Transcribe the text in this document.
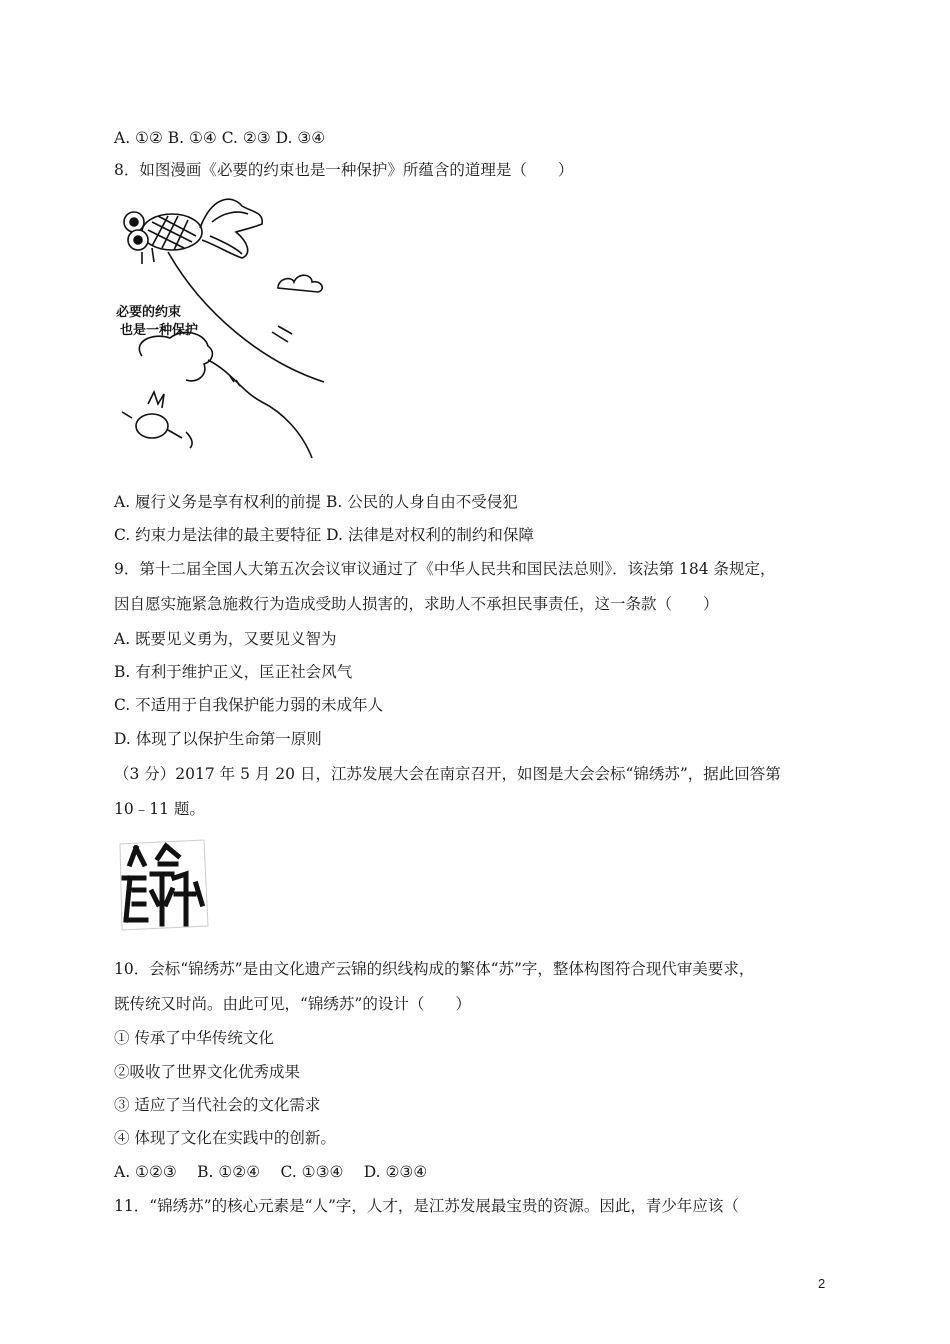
A. ①② B. ①④ C. ②③ D. ③④
8．如图漫画《必要的约束也是一种保护》所蕴含的道理是（　　）
必要的约束
也是一种保护
A. 履行义务是享有权利的前提 B. 公民的人身自由不受侵犯
C. 约束力是法律的最主要特征 D. 法律是对权利的制约和保障
9．第十二届全国人大第五次会议审议通过了《中华人民共和国民法总则》．该法第 184 条规定，
因自愿实施紧急施救行为造成受助人损害的，求助人不承担民事责任，这一条款（　　）
A. 既要见义勇为，又要见义智为
B. 有利于维护正义，匡正社会风气
C. 不适用于自我保护能力弱的未成年人
D. 体现了以保护生命第一原则
（3 分）2017 年 5 月 20 日，江苏发展大会在南京召开，如图是大会会标“锦绣苏”，据此回答第
10﹣11 题。
10．会标“锦绣苏”是由文化遗产云锦的织线构成的繁体“苏”字，整体构图符合现代审美要求，
既传统又时尚。由此可见，“锦绣苏”的设计（　　）
① 传承了中华传统文化
②吸收了世界文化优秀成果
③ 适应了当代社会的文化需求
④ 体现了文化在实践中的创新。
A. ①②③　 B. ①②④　 C. ①③④　 D. ②③④
11．“锦绣苏”的核心元素是“人”字，人才，是江苏发展最宝贵的资源。因此，青少年应该（
2
